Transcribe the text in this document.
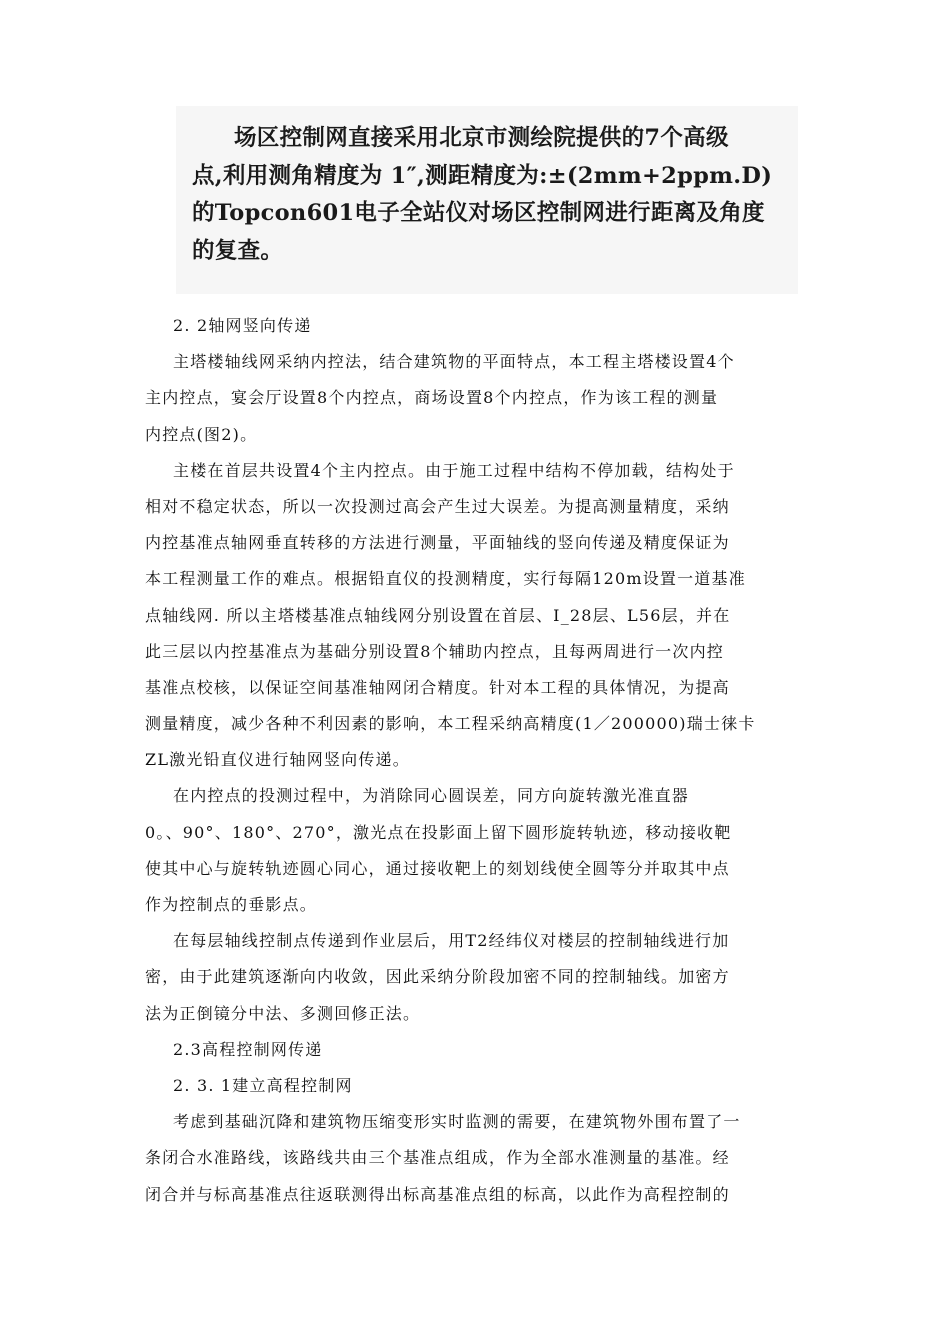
场区控制网直接采用北京市测绘院提供的7个高级
点,利用测角精度为 1″,测距精度为:±(2mm+2ppm.D)
的Topcon601电子全站仪对场区控制网进行距离及角度
的复查。
2. 2轴网竖向传递
主塔楼轴线网采纳内控法，结合建筑物的平面特点，本工程主塔楼设置4个
主内控点，宴会厅设置8个内控点，商场设置8个内控点，作为该工程的测量
内控点(图2)。
主楼在首层共设置4个主内控点。由于施工过程中结构不停加载，结构处于
相对不稳定状态，所以一次投测过高会产生过大误差。为提高测量精度，采纳
内控基准点轴网垂直转移的方法进行测量，平面轴线的竖向传递及精度保证为
本工程测量工作的难点。根据铅直仪的投测精度，实行每隔120m设置一道基准
点轴线网. 所以主塔楼基准点轴线网分别设置在首层、I_28层、L56层，并在
此三层以内控基准点为基础分别设置8个辅助内控点，且每两周进行一次内控
基准点校核，以保证空间基准轴网闭合精度。针对本工程的具体情况，为提高
测量精度，减少各种不利因素的影响，本工程采纳高精度(1／200000)瑞士徕卡
ZL激光铅直仪进行轴网竖向传递。
在内控点的投测过程中，为消除同心圆误差，同方向旋转激光准直器
0。、90°、180°、270°，激光点在投影面上留下圆形旋转轨迹，移动接收靶
使其中心与旋转轨迹圆心同心，通过接收靶上的刻划线使全圆等分并取其中点
作为控制点的垂影点。
在每层轴线控制点传递到作业层后，用T2经纬仪对楼层的控制轴线进行加
密，由于此建筑逐渐向内收敛，因此采纳分阶段加密不同的控制轴线。加密方
法为正倒镜分中法、多测回修正法。
2.3高程控制网传递
2. 3. 1建立高程控制网
考虑到基础沉降和建筑物压缩变形实时监测的需要，在建筑物外围布置了一
条闭合水准路线，该路线共由三个基准点组成，作为全部水准测量的基准。经
闭合并与标高基准点往返联测得出标高基准点组的标高，以此作为高程控制的
